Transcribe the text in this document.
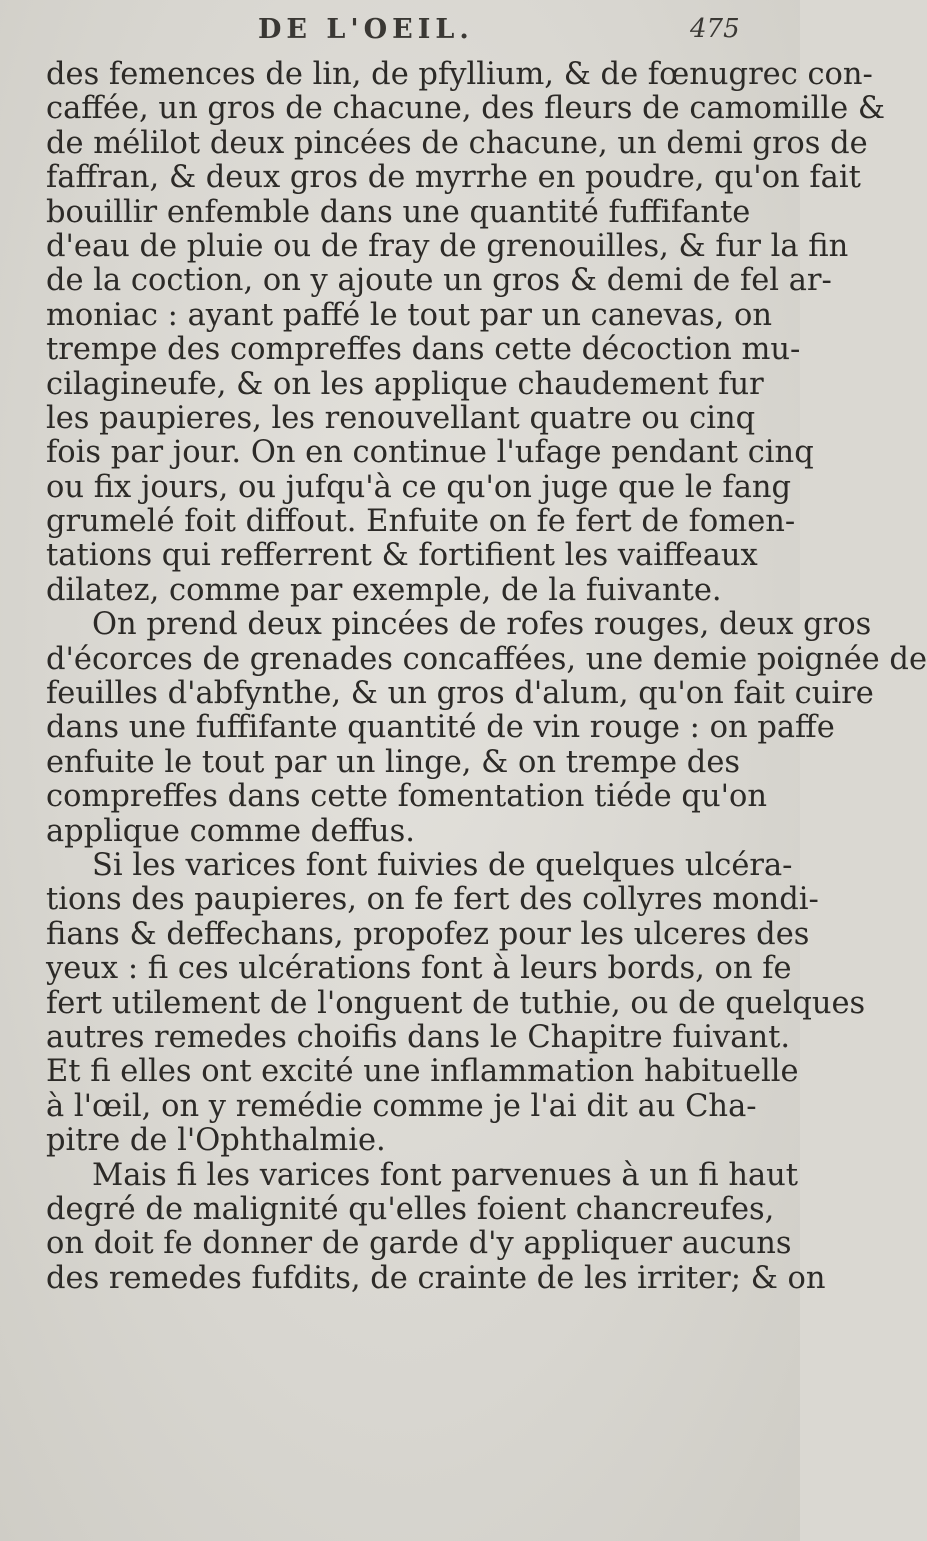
DE L'OEIL.	475
des femences de lin, de pfyllium, & de fœnugrec con-
caffée, un gros de chacune, des fleurs de camomille &
de mélilot deux pincées de chacune, un demi gros de
faffran, & deux gros de myrrhe en poudre, qu'on fait
bouillir enfemble dans une quantité fuffifante
d'eau de pluie ou de fray de grenouilles, & fur la fin
de la coction, on y ajoute un gros & demi de fel ar-
moniac : ayant paffé le tout par un canevas, on
trempe des compreffes dans cette décoction mu-
cilagineufe, & on les applique chaudement fur
les paupieres, les renouvellant quatre ou cinq
fois par jour. On en continue l'ufage pendant cinq
ou fix jours, ou jufqu'à ce qu'on juge que le fang
grumelé foit diffout. Enfuite on fe fert de fomen-
tations qui refferrent & fortifient les vaiffeaux
dilatez, comme par exemple, de la fuivante.
On prend deux pincées de rofes rouges, deux gros
d'écorces de grenades concaffées, une demie poignée de
feuilles d'abfynthe, & un gros d'alum, qu'on fait cuire
dans une fuffifante quantité de vin rouge : on paffe
enfuite le tout par un linge, & on trempe des
compreffes dans cette fomentation tiéde qu'on
applique comme deffus.
Si les varices font fuivies de quelques ulcéra-
tions des paupieres, on fe fert des collyres mondi-
fians & deffechans, propofez pour les ulceres des
yeux : fi ces ulcérations font à leurs bords, on fe
fert utilement de l'onguent de tuthie, ou de quelques
autres remedes choifis dans le Chapitre fuivant.
Et fi elles ont excité une inflammation habituelle
à l'œil, on y remédie comme je l'ai dit au Cha-
pitre de l'Ophthalmie.
Mais fi les varices font parvenues à un fi haut
degré de malignité qu'elles foient chancreufes,
on doit fe donner de garde d'y appliquer aucuns
des remedes fufdits, de crainte de les irriter; & on
